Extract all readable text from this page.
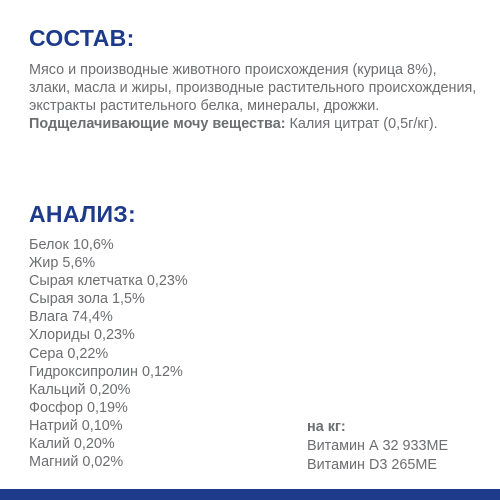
СОСТАВ:

Мясо и производные животного происхождения (курица 8%), злаки, масла и жиры, производные растительного происхождения, экстракты растительного белка, минералы, дрожжи.

Подщелачивающие мочу вещества: Калия цитрат (0,5г/кг).

АНАЛИЗ:
Белок 10,6%
Жир 5,6%
Сырая клетчатка 0,23%
Сырая зола 1,5%
Влага 74,4%
Хлориды 0,23%
Сера 0,22%
Гидроксипролин 0,12%
Кальций 0,20%
Фосфор 0,19%
Натрий 0,10%
Калий 0,20%
Магний 0,02%
на кг:
Витамин А 32 933МЕ
Витамин D3 265МЕ
